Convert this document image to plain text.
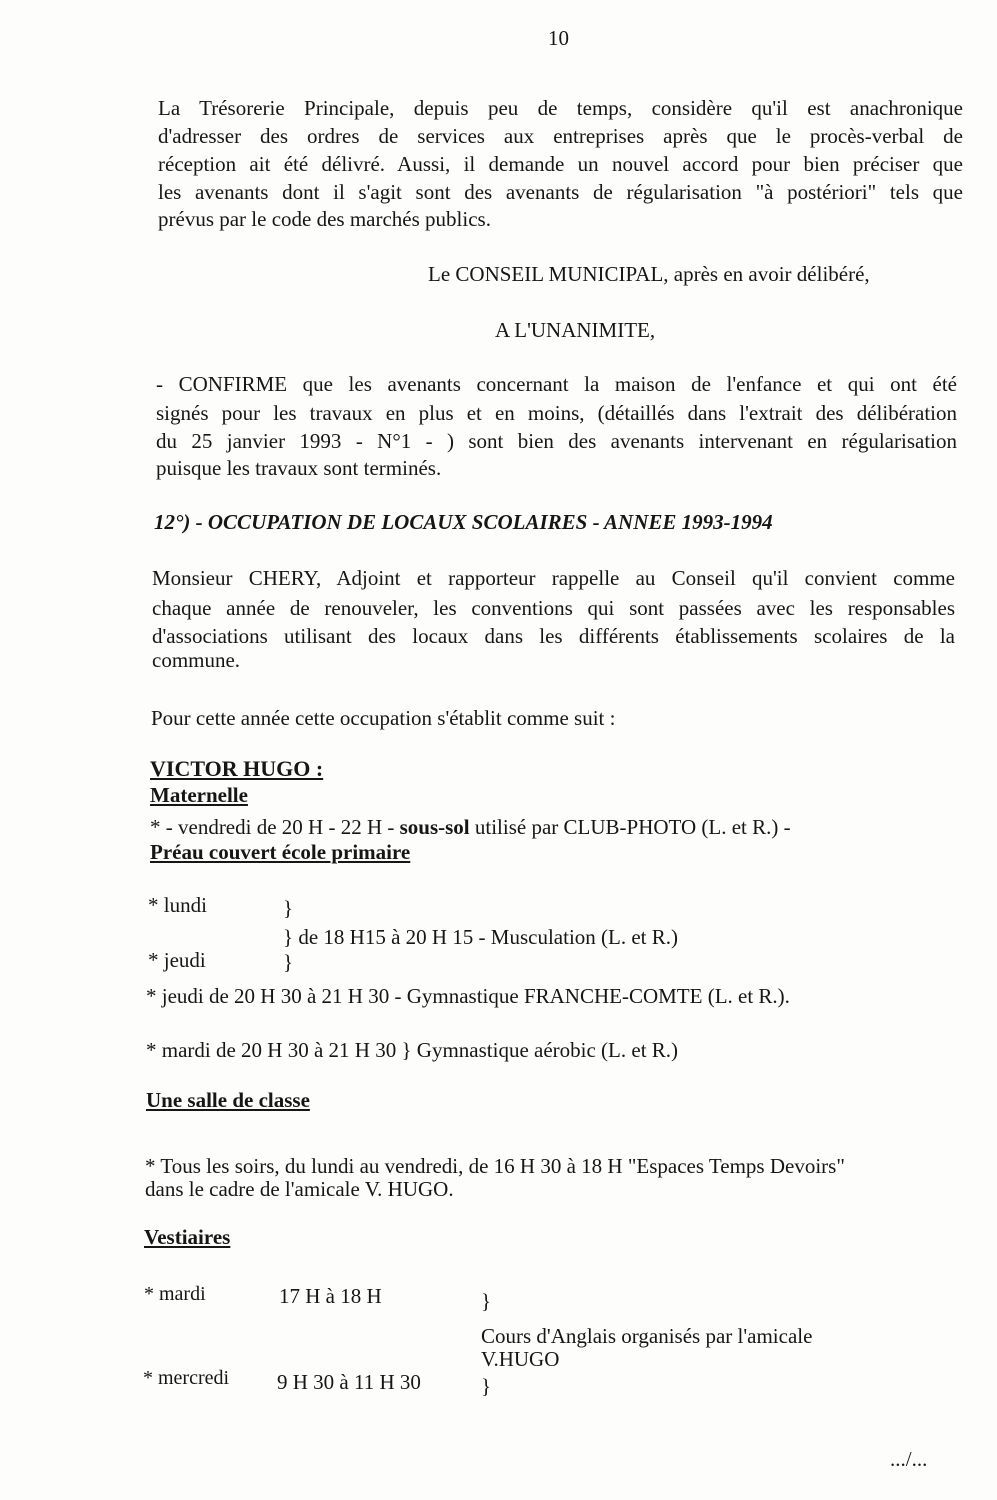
10
La Trésorerie Principale, depuis peu de temps, considère qu'il est anachronique
d'adresser des ordres de services aux entreprises après que le procès-verbal de
réception ait été délivré. Aussi, il demande un nouvel accord pour bien préciser que
les avenants dont il s'agit sont des avenants de régularisation "à postériori" tels que
prévus par le code des marchés publics.
Le CONSEIL MUNICIPAL, après en avoir délibéré,
A L'UNANIMITE,
- CONFIRME que les avenants concernant la maison de l'enfance et qui ont été
signés pour les travaux en plus et en moins, (détaillés dans l'extrait des délibération
du 25 janvier 1993 - N°1 - ) sont bien des avenants intervenant en régularisation
puisque les travaux sont terminés.
12°) - OCCUPATION DE LOCAUX SCOLAIRES - ANNEE 1993-1994
Monsieur CHERY, Adjoint et rapporteur rappelle au Conseil qu'il convient comme
chaque année de renouveler, les conventions qui sont passées avec les responsables
d'associations utilisant des locaux dans les différents établissements scolaires de la
commune.
Pour cette année cette occupation s'établit comme suit :
VICTOR HUGO :
Maternelle
* - vendredi de 20 H - 22 H - sous-sol utilisé par CLUB-PHOTO (L. et R.) -
Préau couvert école primaire
* lundi	}
} de 18 H15 à 20 H 15 - Musculation (L. et R.)
* jeudi	}
* jeudi de 20 H 30 à 21 H 30 - Gymnastique FRANCHE-COMTE (L. et R.).
* mardi de 20 H 30 à 21 H 30 } Gymnastique aérobic (L. et R.)
Une salle de classe
* Tous les soirs, du lundi au vendredi, de 16 H 30 à 18 H "Espaces Temps Devoirs"
dans le cadre de l'amicale V. HUGO.
Vestiaires
* mardi	17 H à 18 H	}
Cours d'Anglais organisés par l'amicale
V.HUGO
* mercredi 9 H 30 à 11 H 30	}
.../...
